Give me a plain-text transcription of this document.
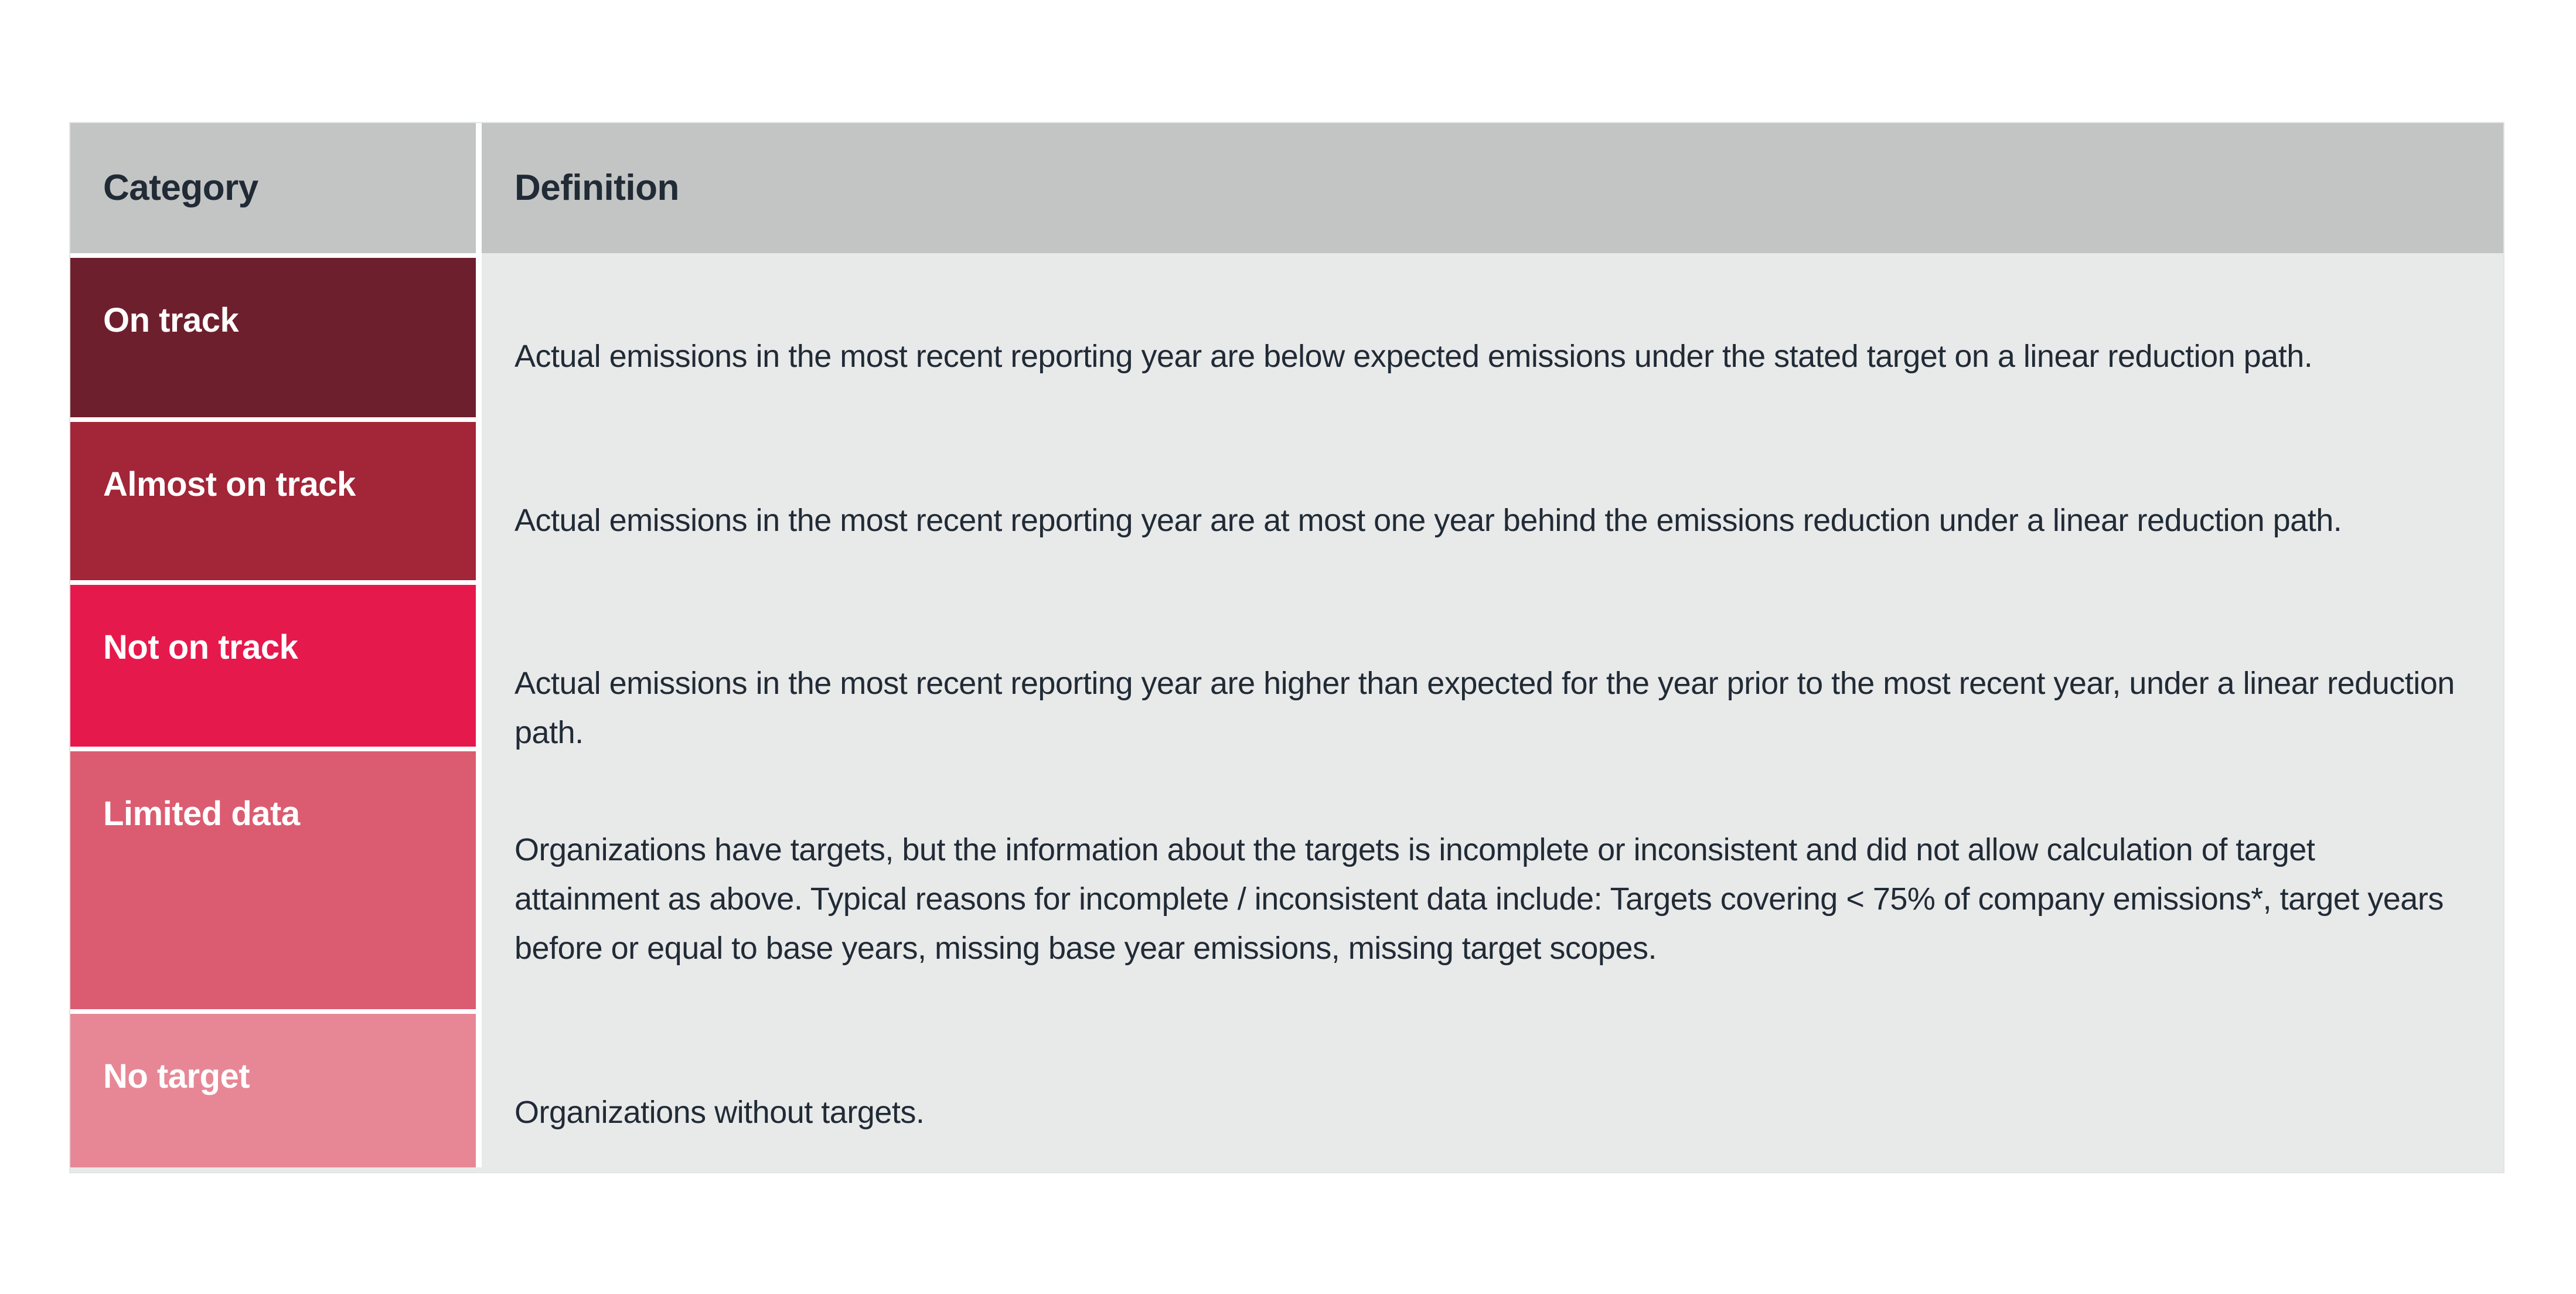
Category
On track
Almost on track
Not on track
Limited data
No target
Definition

Actual emissions in the most recent reporting year are below expected emissions under the stated target on a linear reduction path.

Actual emissions in the most recent reporting year are at most one year behind the emissions reduction under a linear reduction path.

Actual emissions in the most recent reporting year are higher than expected for the year prior to the most recent year, under a linear reduction path.

Organizations have targets, but the information about the targets is incomplete or inconsistent and did not allow calculation of target attainment as above. Typical reasons for incomplete / inconsistent data include: Targets covering < 75% of company emissions*, target years before or equal to base years, missing base year emissions, missing target scopes.

Organizations without targets.
